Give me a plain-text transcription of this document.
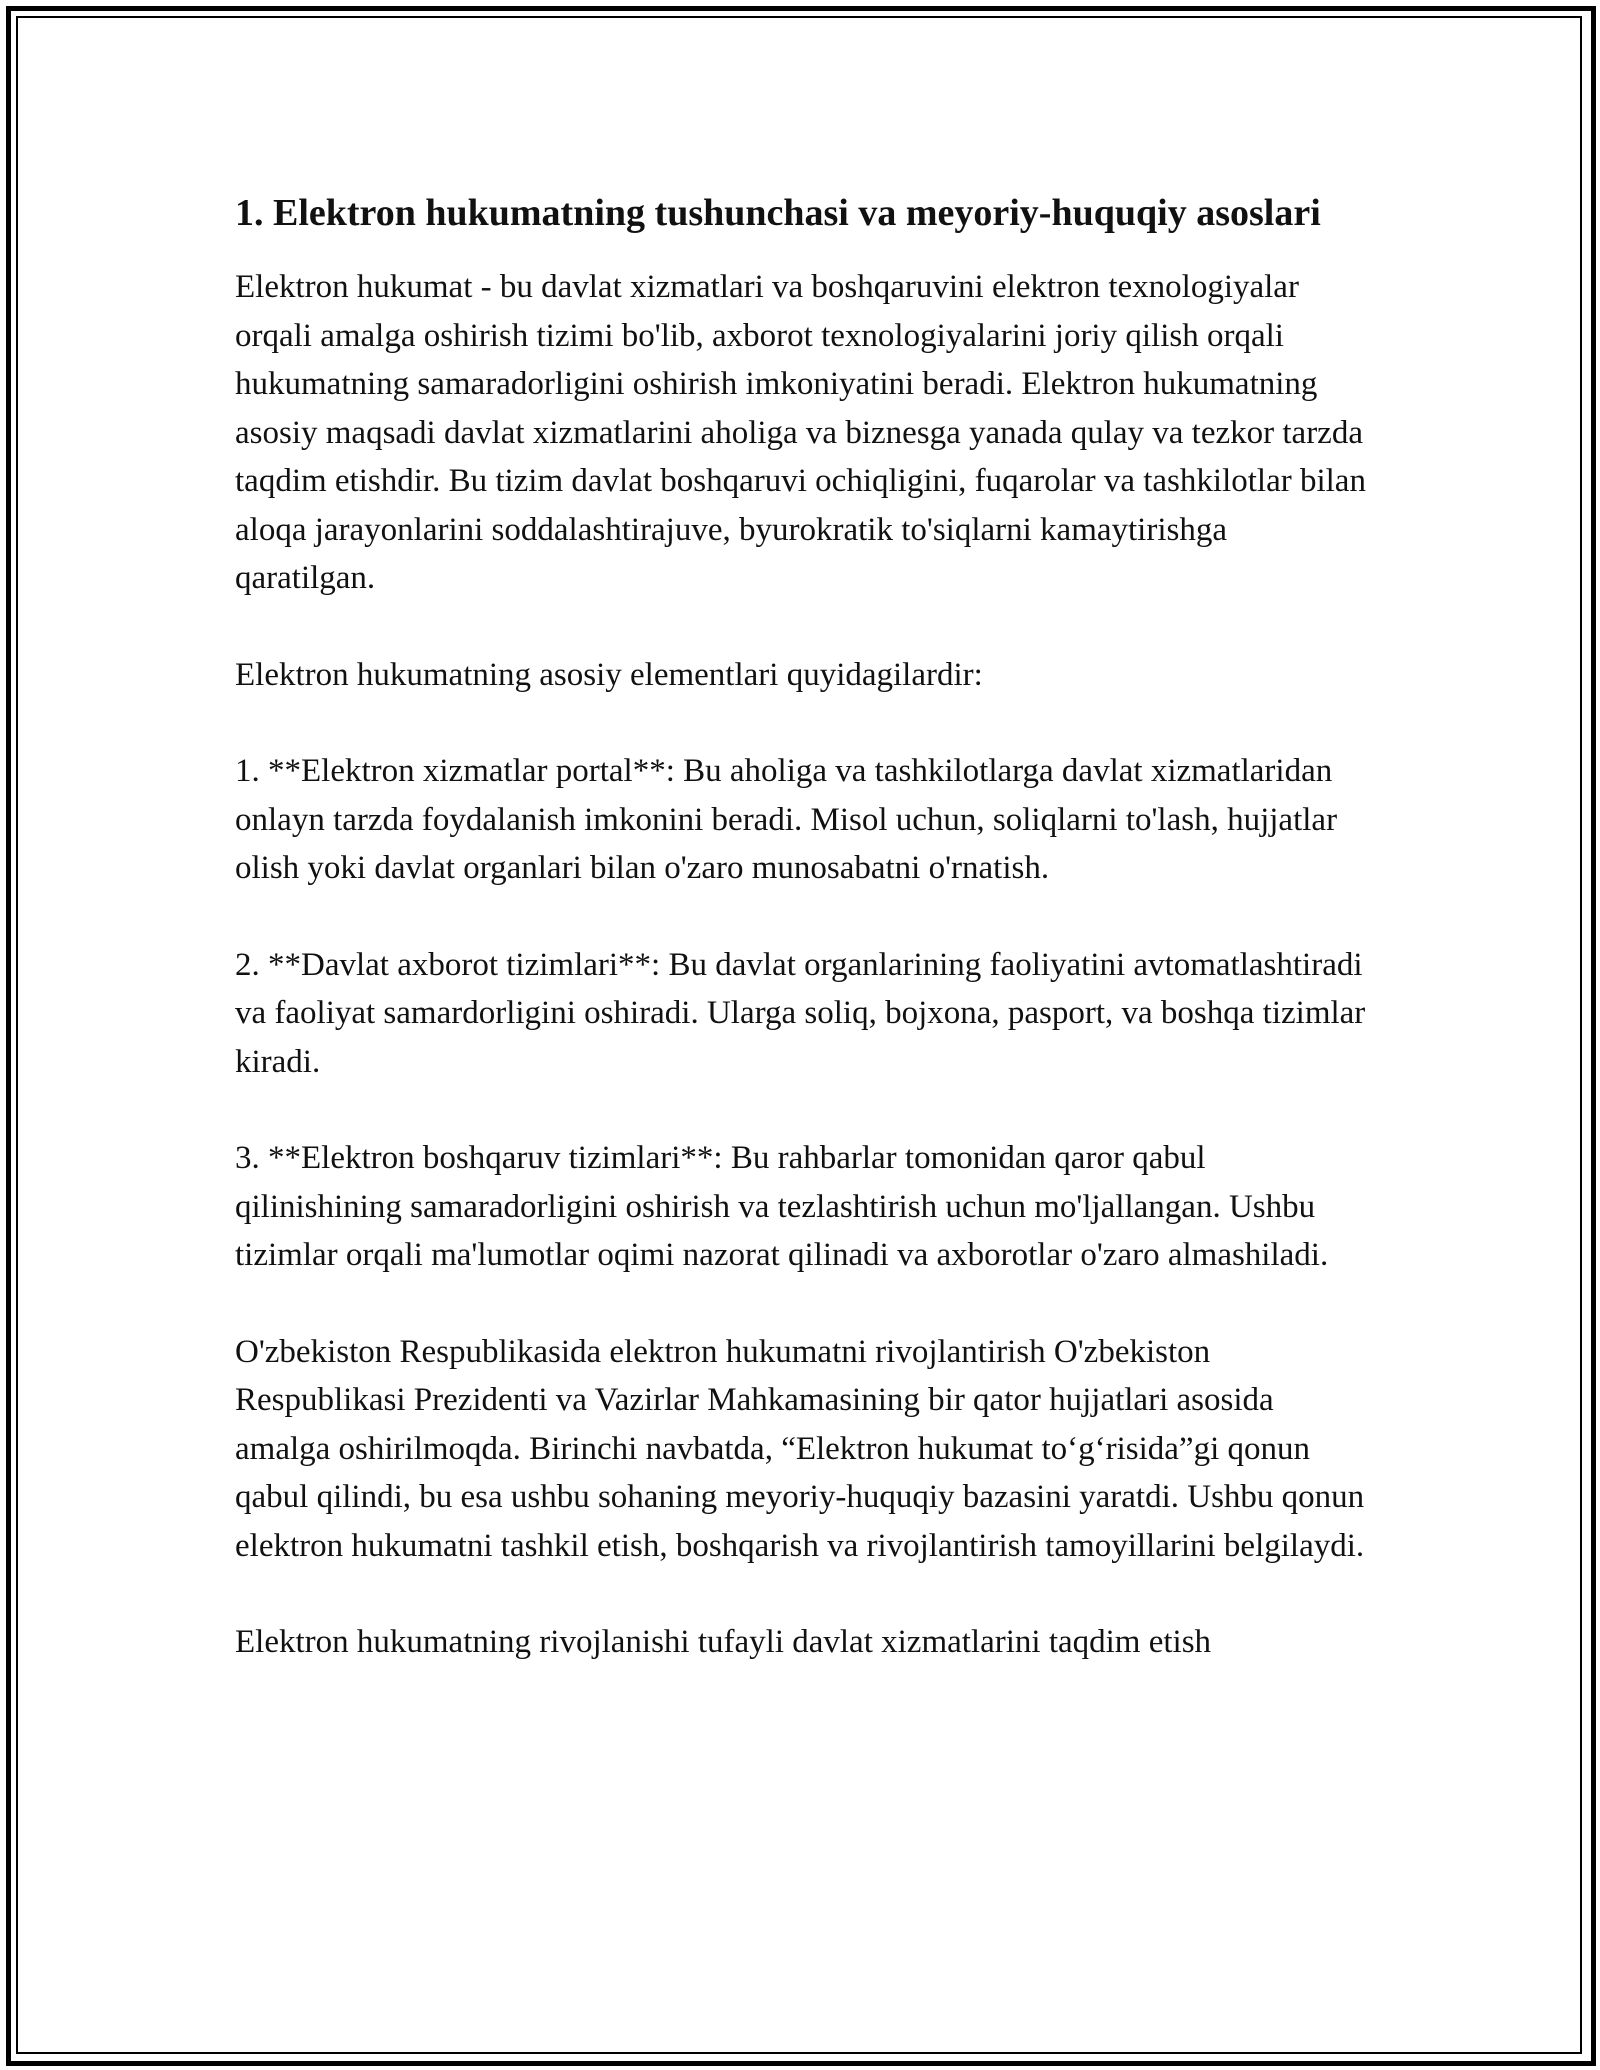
1. Elektron hukumatning tushunchasi va meyoriy-huquqiy asoslari

Elektron hukumat - bu davlat xizmatlari va boshqaruvini elektron texnologiyalar orqali amalga oshirish tizimi bo'lib, axborot texnologiyalarini joriy qilish orqali hukumatning samaradorligini oshirish imkoniyatini beradi. Elektron hukumatning asosiy maqsadi davlat xizmatlarini aholiga va biznesga yanada qulay va tezkor tarzda taqdim etishdir. Bu tizim davlat boshqaruvi ochiqligini, fuqarolar va tashkilotlar bilan aloqa jarayonlarini soddalashtirajuve, byurokratik to'siqlarni kamaytirishga qaratilgan.

Elektron hukumatning asosiy elementlari quyidagilardir:

1. **Elektron xizmatlar portal**: Bu aholiga va tashkilotlarga davlat xizmatlaridan onlayn tarzda foydalanish imkonini beradi. Misol uchun, soliqlarni to'lash, hujjatlar olish yoki davlat organlari bilan o'zaro munosabatni o'rnatish.

2. **Davlat axborot tizimlari**: Bu davlat organlarining faoliyatini avtomatlashtiradi va faoliyat samardorligini oshiradi. Ularga soliq, bojxona, pasport, va boshqa tizimlar kiradi.

3. **Elektron boshqaruv tizimlari**: Bu rahbarlar tomonidan qaror qabul qilinishining samaradorligini oshirish va tezlashtirish uchun mo'ljallangan. Ushbu tizimlar orqali ma'lumotlar oqimi nazorat qilinadi va axborotlar o'zaro almashiladi.

O'zbekiston Respublikasida elektron hukumatni rivojlantirish O'zbekiston Respublikasi Prezidenti va Vazirlar Mahkamasining bir qator hujjatlari asosida amalga oshirilmoqda. Birinchi navbatda, “Elektron hukumat to‘g‘risida”gi qonun qabul qilindi, bu esa ushbu sohaning meyoriy-huquqiy bazasini yaratdi. Ushbu qonun elektron hukumatni tashkil etish, boshqarish va rivojlantirish tamoyillarini belgilaydi.

Elektron hukumatning rivojlanishi tufayli davlat xizmatlarini taqdim etish
